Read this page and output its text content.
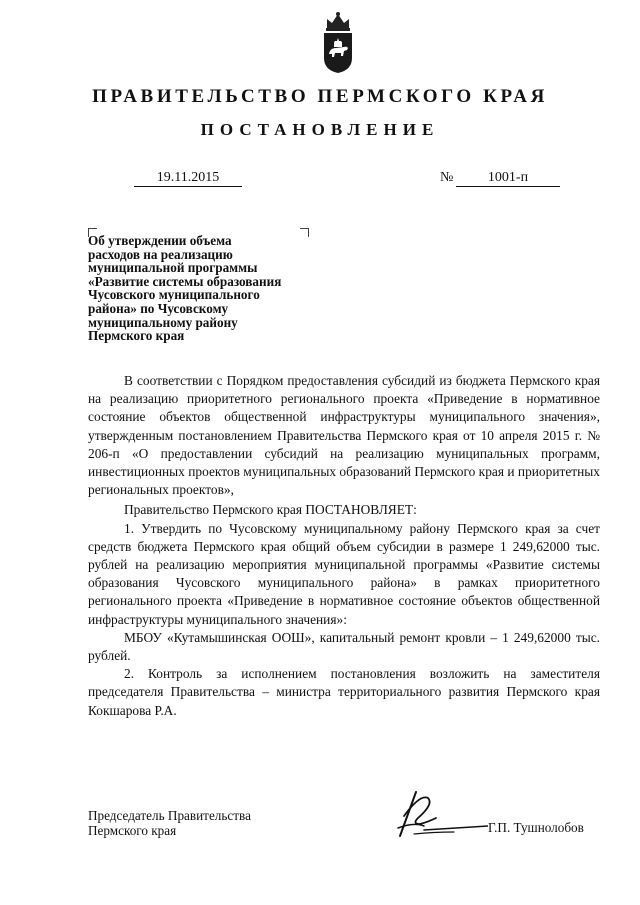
ПРАВИТЕЛЬСТВО ПЕРМСКОГО КРАЯ
ПОСТАНОВЛЕНИЕ
19.11.2015	№	1001-п
Об утверждении объема
расходов на реализацию
муниципальной программы
«Развитие системы образования
Чусовского муниципального
района» по Чусовскому
муниципальному району
Пермского края
В соответствии с Порядком предоставления субсидий из бюджета Пермского края на реализацию приоритетного регионального проекта «Приведение в нормативное состояние объектов общественной инфраструктуры муниципального значения», утвержденным постановлением Правительства Пермского края от 10 апреля 2015 г. № 206-п «О предоставлении субсидий на реализацию муниципальных программ, инвестиционных проектов муниципальных образований Пермского края и приоритетных региональных проектов»,
Правительство Пермского края ПОСТАНОВЛЯЕТ:
1. Утвердить по Чусовскому муниципальному району Пермского края за счет средств бюджета Пермского края общий объем субсидии в размере 1 249,62000 тыс. рублей на реализацию мероприятия муниципальной программы «Развитие системы образования Чусовского муниципального района» в рамках приоритетного регионального проекта «Приведение в нормативное состояние объектов общественной инфраструктуры муниципального значения»:
МБОУ «Кутамышинская ООШ», капитальный ремонт кровли – 1 249,62000 тыс. рублей.
2. Контроль за исполнением постановления возложить на заместителя председателя Правительства – министра территориального развития Пермского края Кокшарова Р.А.
Председатель Правительства
Пермского края	Г.П. Тушнолобов
